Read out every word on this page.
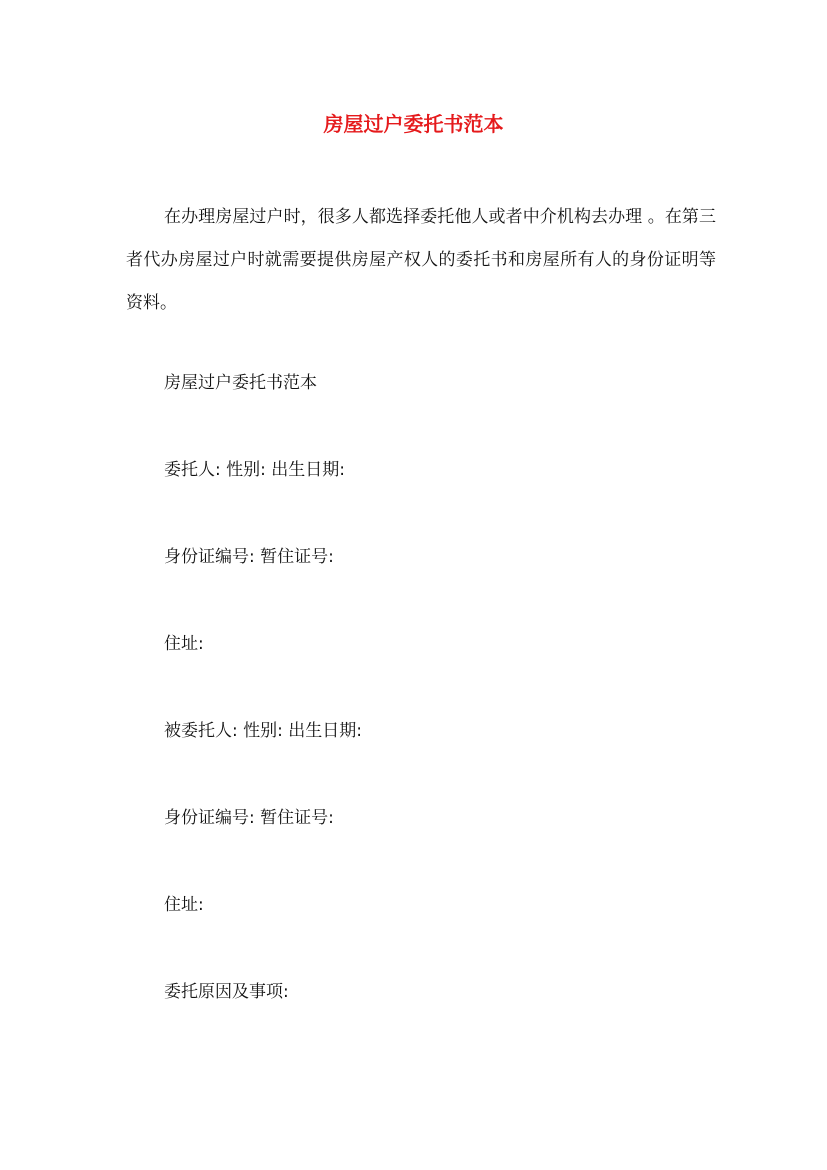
房屋过户委托书范本

在办理房屋过户时，很多人都选择委托他人或者中介机构去办理 。在第三者代办房屋过户时就需要提供房屋产权人的委托书和房屋所有人的身份证明等资料。

房屋过户委托书范本
委托人: 性别: 出生日期:
身份证编号: 暂住证号:
住址:
被委托人: 性别: 出生日期:
身份证编号: 暂住证号:
住址:
委托原因及事项:
